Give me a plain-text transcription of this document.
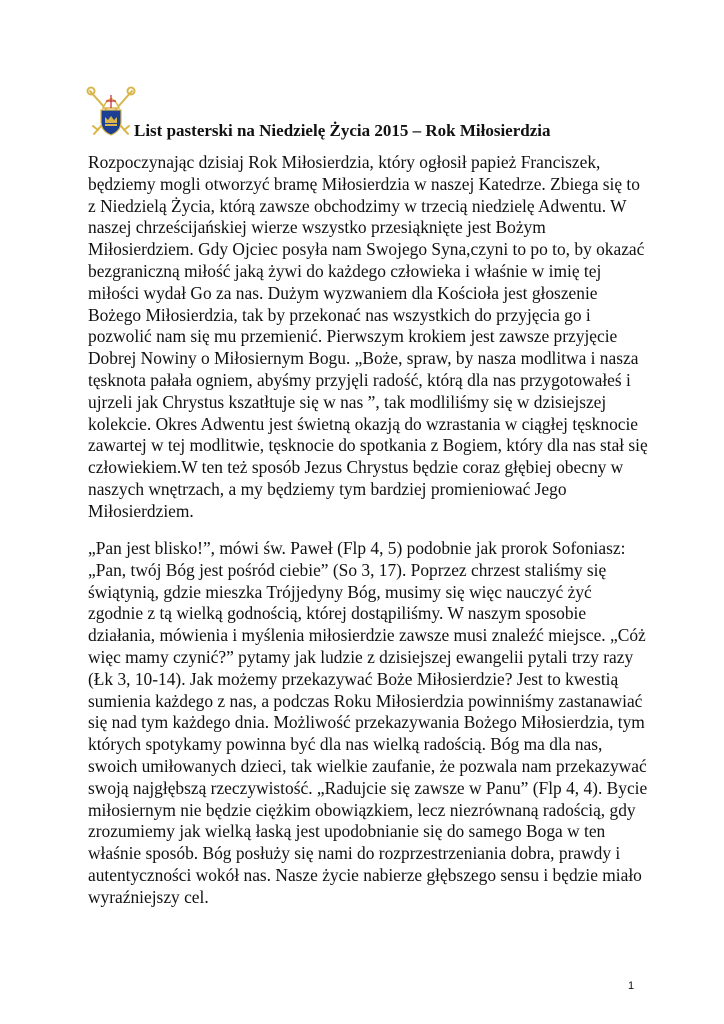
List pasterski na Niedzielę Życia 2015 – Rok Miłosierdzia

Rozpoczynając dzisiaj Rok Miłosierdzia, który ogłosił papież Franciszek,
będziemy mogli otworzyć bramę Miłosierdzia w naszej Katedrze. Zbiega się to
z Niedzielą Życia, którą zawsze obchodzimy w trzecią niedzielę Adwentu. W
naszej chrześcijańskiej wierze wszystko przesiąknięte jest Bożym
Miłosierdziem. Gdy Ojciec posyła nam Swojego Syna,czyni to po to, by okazać
bezgraniczną miłość jaką żywi do każdego człowieka i właśnie w imię tej
miłości wydał Go za nas. Dużym wyzwaniem dla Kościoła jest głoszenie
Bożego Miłosierdzia, tak by przekonać nas wszystkich do przyjęcia go i
pozwolić nam się mu przemienić. Pierwszym krokiem jest zawsze przyjęcie
Dobrej Nowiny o Miłosiernym Bogu. „Boże, spraw, by nasza modlitwa i nasza
tęsknota pałała ogniem, abyśmy przyjęli radość, którą dla nas przygotowałeś i
ujrzeli jak Chrystus kszatłtuje się w nas ”, tak modliliśmy się w dzisiejszej
kolekcie. Okres Adwentu jest świetną okazją do wzrastania w ciągłej tęsknocie
zawartej w tej modlitwie, tęsknocie do spotkania z Bogiem, który dla nas stał się
człowiekiem.W ten też sposób Jezus Chrystus będzie coraz głębiej obecny w
naszych wnętrzach, a my będziemy tym bardziej promieniować Jego
Miłosierdziem.

„Pan jest blisko!”, mówi św. Paweł (Flp 4, 5) podobnie jak prorok Sofoniasz:
„Pan, twój Bóg jest pośród ciebie” (So 3, 17). Poprzez chrzest staliśmy się
świątynią, gdzie mieszka Trójjedyny Bóg, musimy się więc nauczyć żyć
zgodnie z tą wielką godnością, której dostąpiliśmy. W naszym sposobie
działania, mówienia i myślenia miłosierdzie zawsze musi znaleźć miejsce. „Cóż
więc mamy czynić?” pytamy jak ludzie z dzisiejszej ewangelii pytali trzy razy
(Łk 3, 10-14). Jak możemy przekazywać Boże Miłosierdzie? Jest to kwestią
sumienia każdego z nas, a podczas Roku Miłosierdzia powinniśmy zastanawiać
się nad tym każdego dnia. Możliwość przekazywania Bożego Miłosierdzia, tym
których spotykamy powinna być dla nas wielką radością. Bóg ma dla nas,
swoich umiłowanych dzieci, tak wielkie zaufanie, że pozwala nam przekazywać
swoją najgłębszą rzeczywistość. „Radujcie się zawsze w Panu” (Flp 4, 4). Bycie
miłosiernym nie będzie ciężkim obowiązkiem, lecz niezrównaną radością, gdy
zrozumiemy jak wielką łaską jest upodobnianie się do samego Boga w ten
właśnie sposób. Bóg posłuży się nami do rozprzestrzeniania dobra, prawdy i
autentyczności wokół nas. Nasze życie nabierze głębszego sensu i będzie miało
wyraźniejszy cel.

1
